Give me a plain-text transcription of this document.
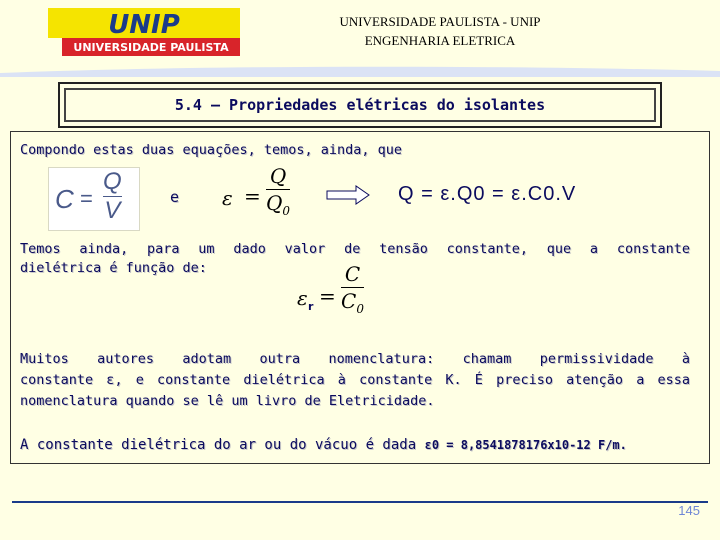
UNIP
UNIVERSIDADE PAULISTA
UNIVERSIDADE PAULISTA - UNIP
ENGENHARIA ELETRICA
5.4 – Propriedades elétricas do isolantes
Compondo estas duas equações, temos, ainda, que
C =
Q
V	e ε =
Q
$Q_0$
Q = ε.Q0 = ε.C0.V
Temos ainda, para um dado valor de tensão constante, que a constante
dielétrica é função de:
ε r =
C
$C_0$
Muitos autores adotam outra nomenclatura: chamam permissividade à
constante ε, e constante dielétrica à constante K. É preciso atenção a essa
nomenclatura quando se lê um livro de Eletricidade.
A constante dielétrica do ar ou do vácuo é dada ε0 = 8,8541878176x10-12 F/m.
145
